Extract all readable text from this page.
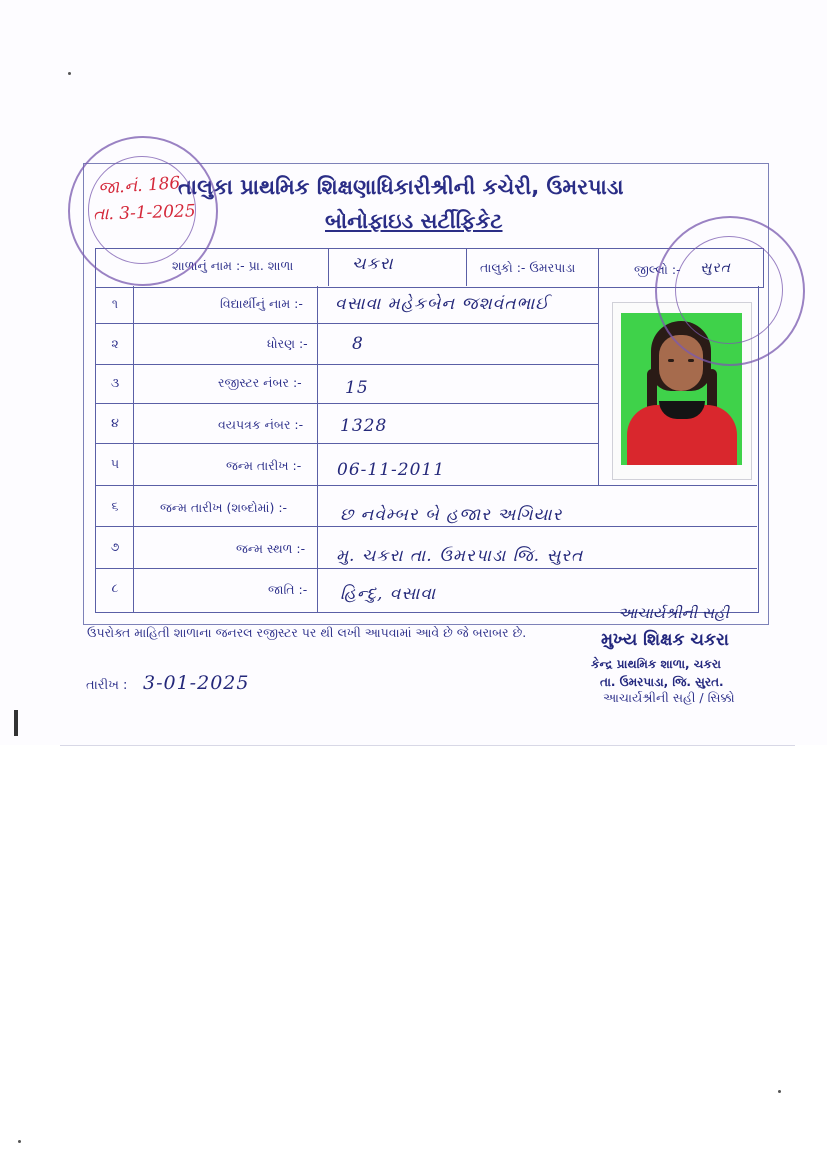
તાલુકા પ્રાથમિક શિક્ષણાધિકારીશ્રીની કચેરી, ઉમરપાડા
બોનોફાઇડ સર્ટીફિકેટ
શાળાનું નામ :- પ્રા. શાળા	ચકરા	તાલુકો :- ઉમરપાડા	જીલ્લો :- સુરત
૧	વિદ્યાર્થીનું નામ :- વસાવા મહેકબેન જશવંતભાઈ
૨	ધોરણ :-	8
૩	રજીસ્ટર નંબર :-	15
૪	વયપત્રક નંબર :- 1328
૫	જન્મ તારીખ :- 06-11-2011
૬	જન્મ તારીખ (શબ્દોમાં) :-	છ નવેમ્બર બે હજાર અગિયાર
૭	જન્મ સ્થળ :- મુ. ચકરા તા. ઉમરપાડા જિ. સુરત
૮	જાતિ :- હિન્દુ, વસાવા
જા.નં. 186
તા. 3-1-2025
ઉપરોક્ત માહિતી શાળાના જનરલ રજીસ્ટર પર થી લખી આપવામાં આવે છે જે બરાબર છે.
આચાર્યશ્રીની સહી
મુખ્ય શિક્ષક ચકરા
કેન્દ્ર પ્રાથમિક શાળા, ચકરા
તા. ઉમરપાડા, જિ. સુરત.
આચાર્યશ્રીની સહી / સિક્કો
તારીખ : 3-01-2025
